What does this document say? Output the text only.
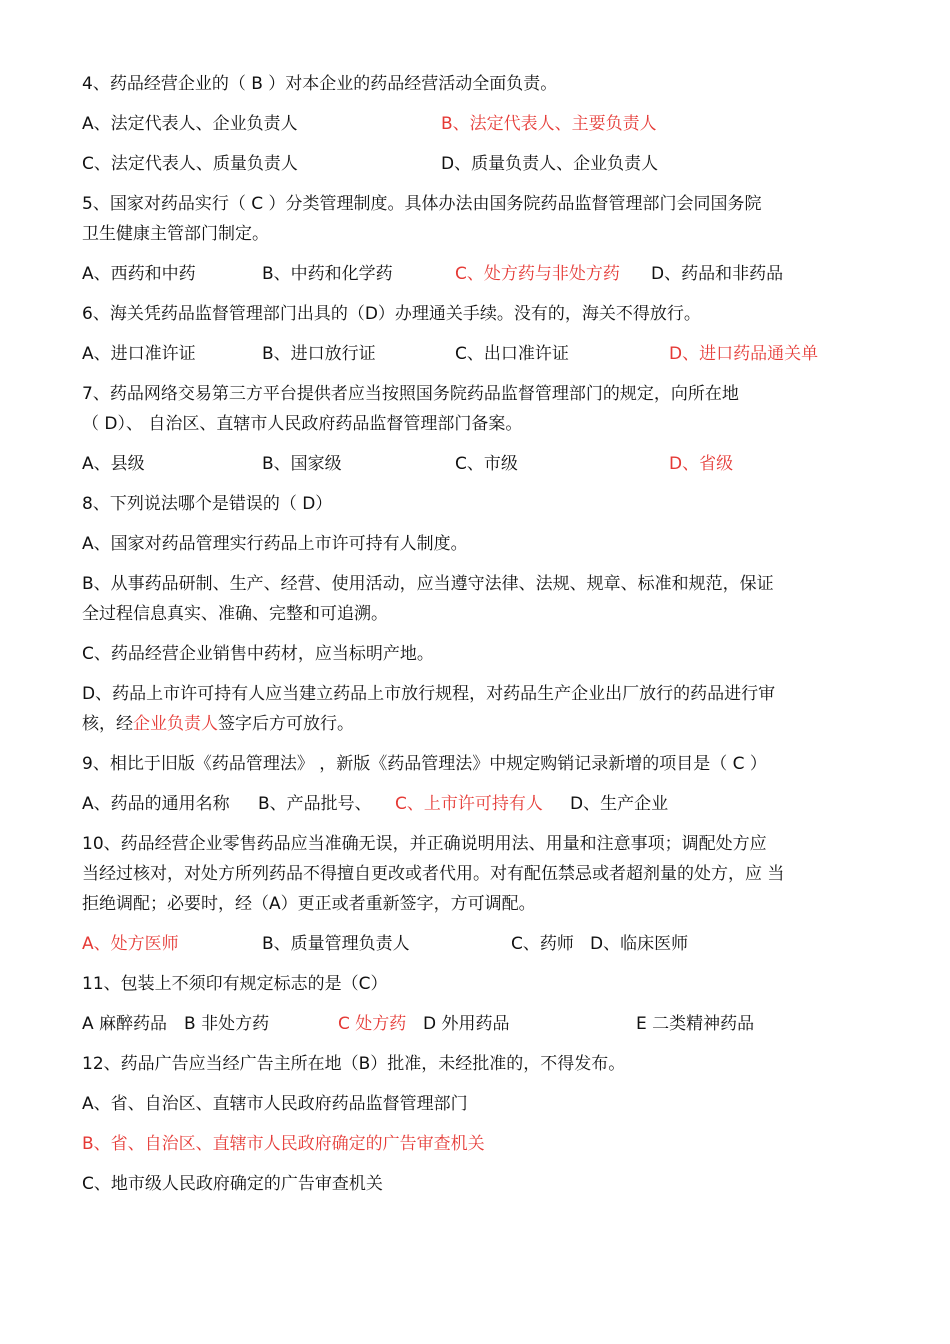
4、药品经营企业的（ B ）对本企业的药品经营活动全面负责。
A、法定代表人、企业负责人	B、法定代表人、主要负责人
C、法定代表人、质量负责人	D、质量负责人、企业负责人
5、国家对药品实行（ C ）分类管理制度。具体办法由国务院药品监督管理部门会同国务院
卫生健康主管部门制定。
A、西药和中药	B、中药和化学药	C、处方药与非处方药 D、药品和非药品
6、海关凭药品监督管理部门出具的（D）办理通关手续。没有的，海关不得放行。
A、进口准许证	B、进口放行证	C、出口准许证	D、进口药品通关单
7、药品网络交易第三方平台提供者应当按照国务院药品监督管理部门的规定，向所在地
（ D）、 自治区、直辖市人民政府药品监督管理部门备案。
A、县级	B、国家级	C、市级	D、省级
8、下列说法哪个是错误的（ D）
A、国家对药品管理实行药品上市许可持有人制度。
B、从事药品研制、生产、经营、使用活动，应当遵守法律、法规、规章、标准和规范，保证
全过程信息真实、准确、完整和可追溯。
C、药品经营企业销售中药材，应当标明产地。
D、药品上市许可持有人应当建立药品上市放行规程，对药品生产企业出厂放行的药品进行审
核，经企业负责人签字后方可放行。
9、相比于旧版《药品管理法》 ，新版《药品管理法》中规定购销记录新增的项目是（ C ）
A、药品的通用名称 B、产品批号、 C、上市许可持有人 D、生产企业
10、药品经营企业零售药品应当准确无误，并正确说明用法、用量和注意事项；调配处方应
当经过核对，对处方所列药品不得擅自更改或者代用。对有配伍禁忌或者超剂量的处方，应 当
拒绝调配；必要时，经（A）更正或者重新签字，方可调配。
A、处方医师	B、质量管理负责人	C、药师 D、临床医师
11、包装上不须印有规定标志的是（C）
A 麻醉药品 B 非处方药	C 处方药 D 外用药品	E 二类精神药品
12、药品广告应当经广告主所在地（B）批准，未经批准的，不得发布。
A、省、自治区、直辖市人民政府药品监督管理部门
B、省、自治区、直辖市人民政府确定的广告审查机关
C、地市级人民政府确定的广告审查机关
